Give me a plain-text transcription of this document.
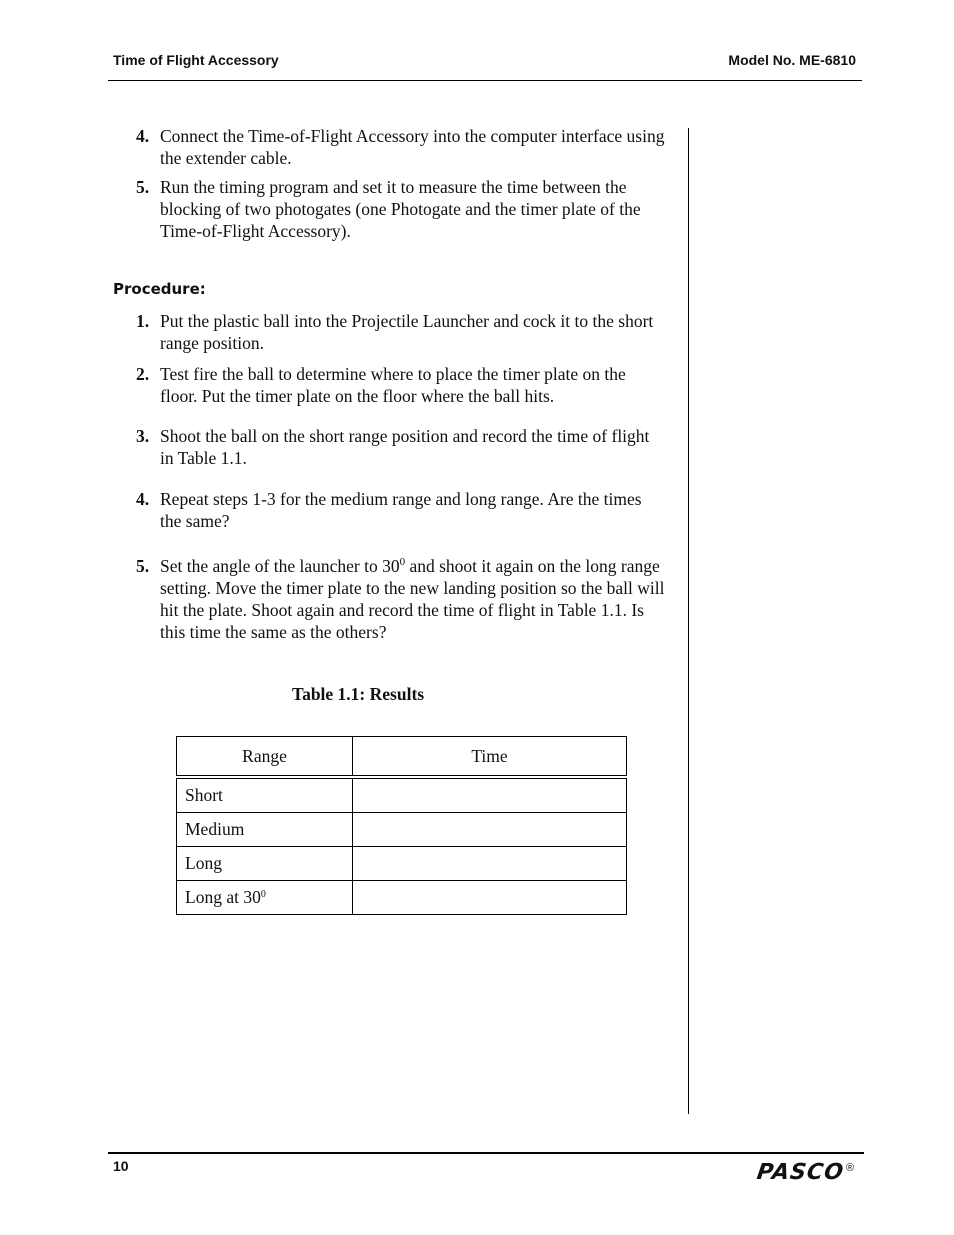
Time of Flight Accessory	Model No. ME-6810
4. Connect the Time-of-Flight Accessory into the computer interface using the extender cable.
5. Run the timing program and set it to measure the time between the blocking of two photogates (one Photogate and the timer plate of the Time-of-Flight Accessory).
Procedure:
1. Put the plastic ball into the Projectile Launcher and cock it to the short range position.
2. Test fire the ball to determine where to place the timer plate on the floor. Put the timer plate on the floor where the ball hits.
3. Shoot the ball on the short range position and record the time of flight in Table 1.1.
4. Repeat steps 1-3 for the medium range and long range. Are the times the same?
5. Set the angle of the launcher to $30^0$ and shoot it again on the long range setting. Move the timer plate to the new landing position so the ball will hit the plate. Shoot again and record the time of flight in Table 1.1. Is this time the same as the others?
Table 1.1: Results
Range	Time
Short	
Medium	
Long	
Long at $30^0$	
10	PASCO ®
